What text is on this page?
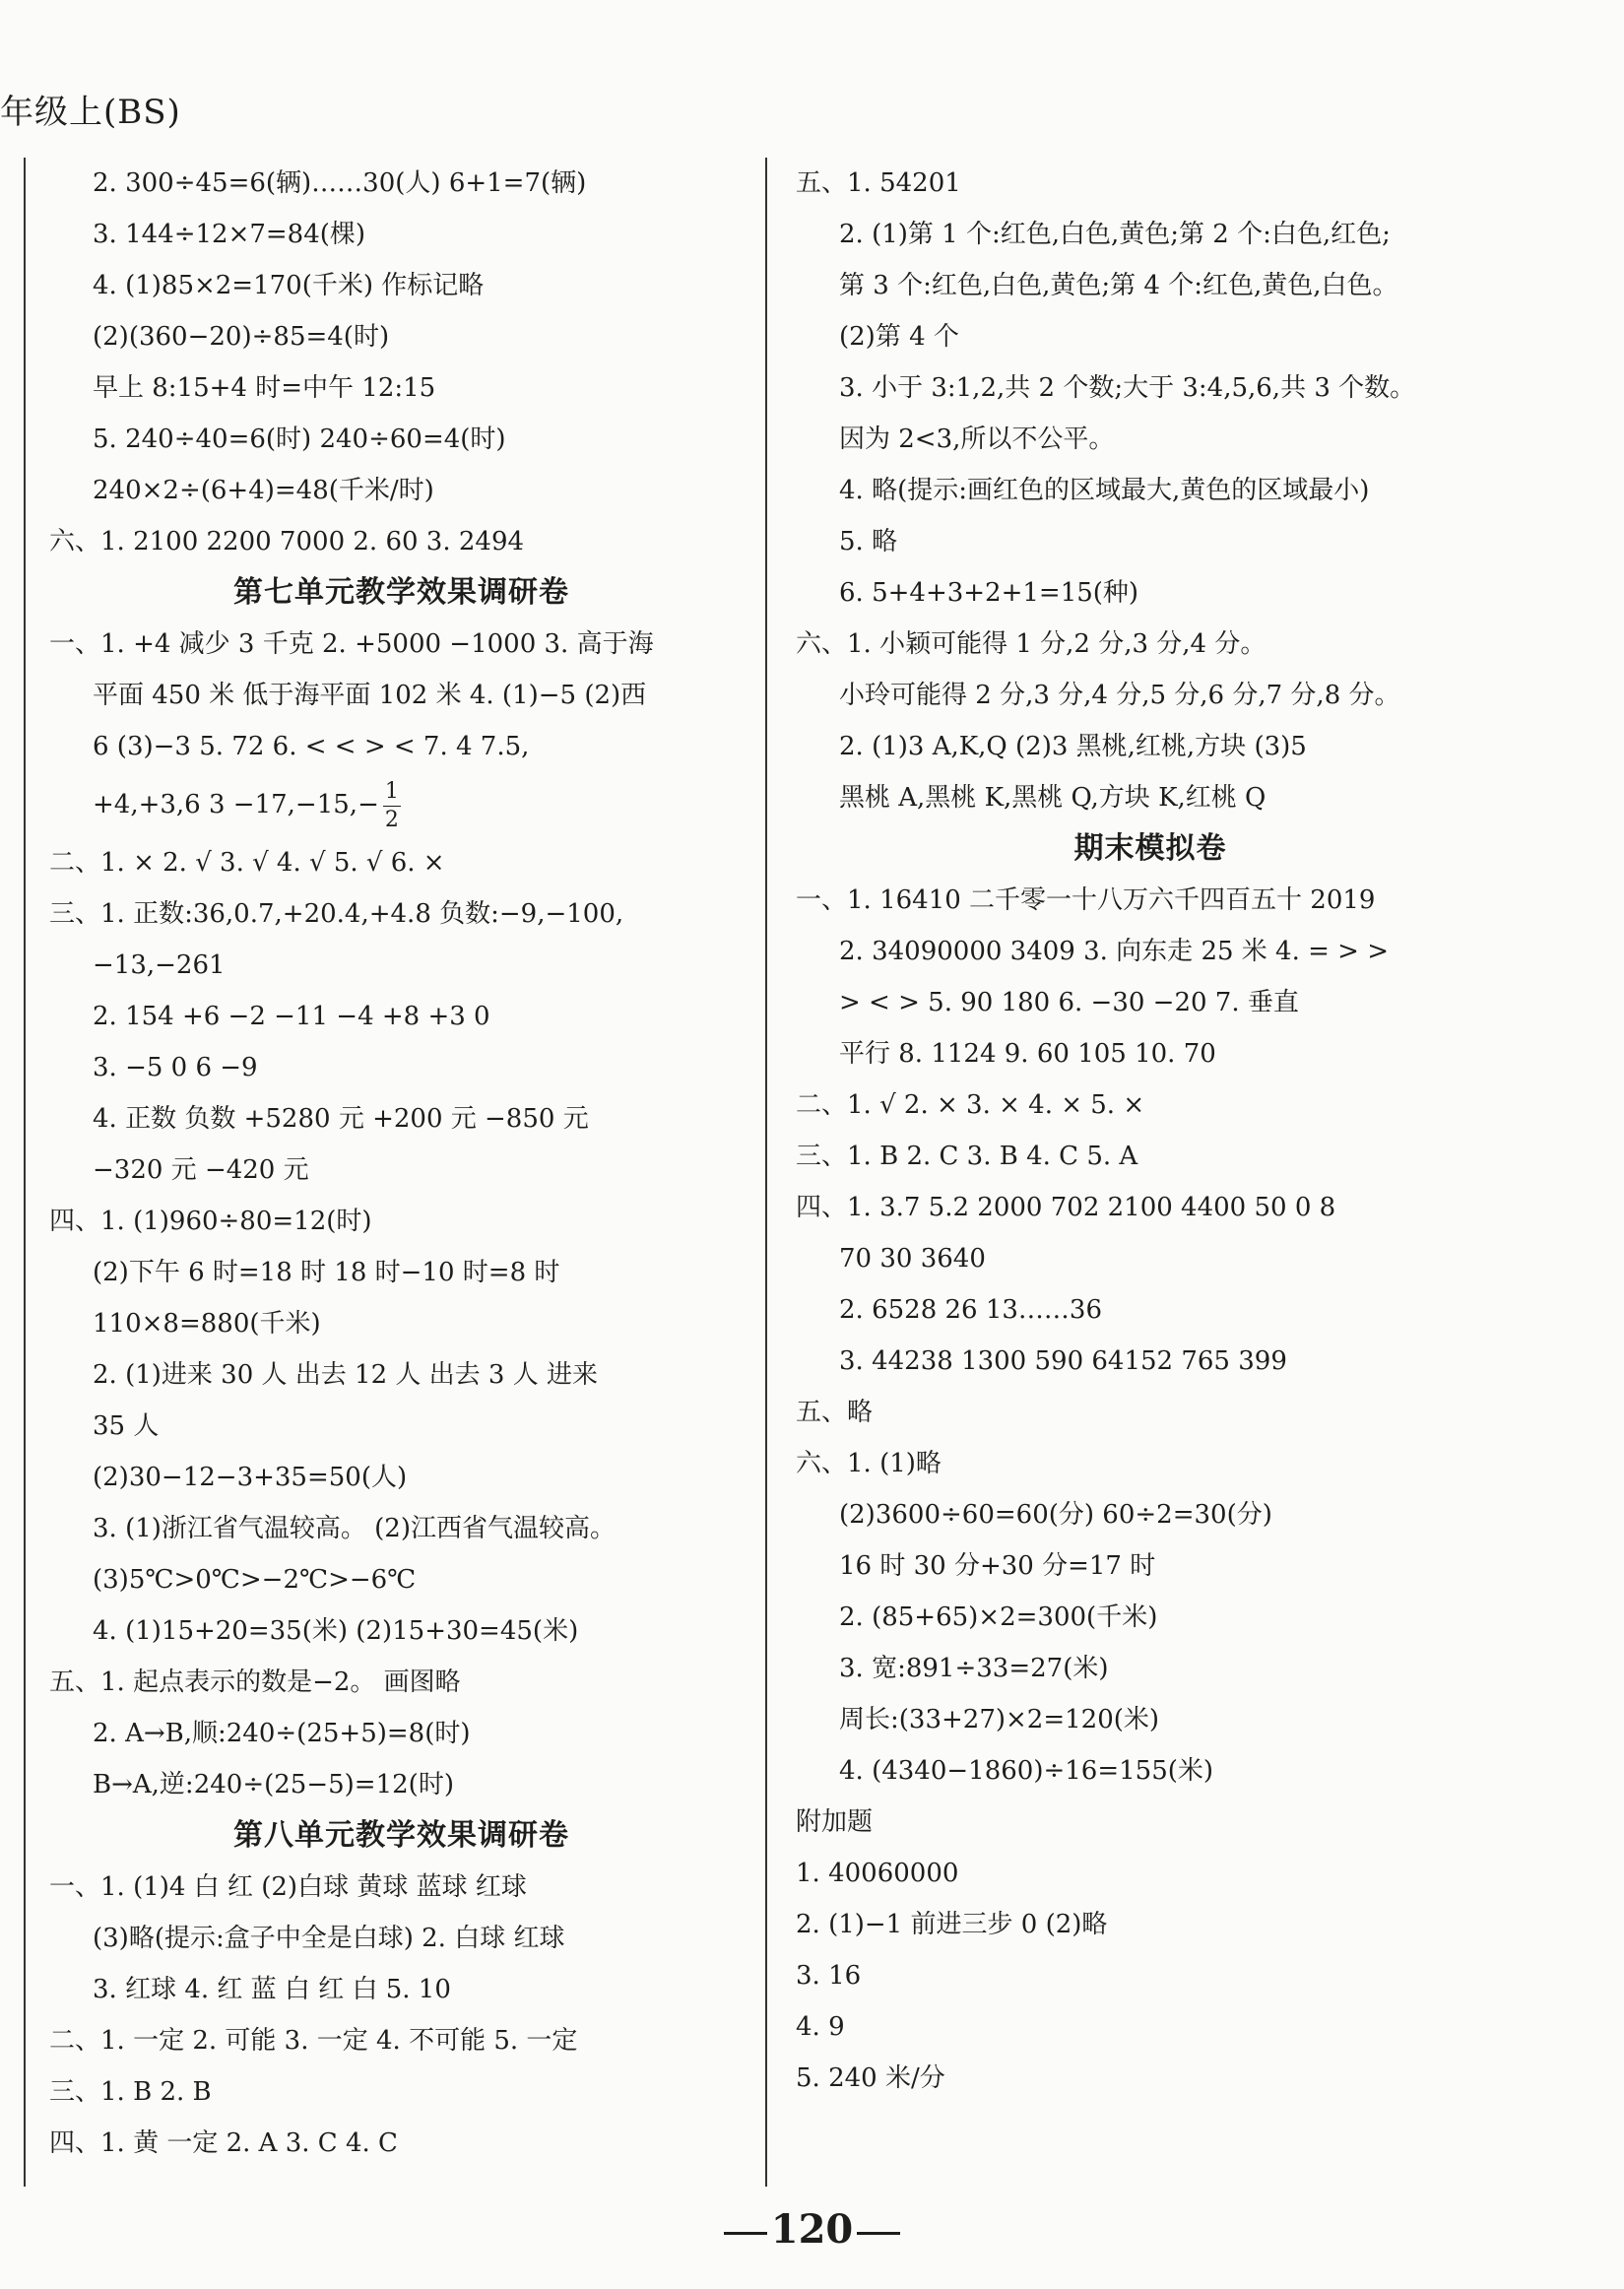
年级上(BS)
2. 300÷45=6(辆)……30(人) 6+1=7(辆)
3. 144÷12×7=84(棵)
4. (1)85×2=170(千米) 作标记略
(2)(360−20)÷85=4(时)
早上 8:15+4 时=中午 12:15
5. 240÷40=6(时) 240÷60=4(时)
240×2÷(6+4)=48(千米/时)
六、1. 2100 2200 7000 2. 60 3. 2494
第七单元教学效果调研卷
一、1. +4 减少 3 千克 2. +5000 −1000 3. 高于海
平面 450 米 低于海平面 102 米 4. (1)−5 (2)西
6 (3)−3 5. 72 6. < < > < 7. 4 7.5,
+4,+3,6 $3 -17,-15,- \frac{1}{2}$
二、1. × 2. √ 3. √ 4. √ 5. √ 6. ×
三、1. 正数:36,0.7,+20.4,+4.8 负数:−9,−100,
−13,−261
2. 154 +6 −2 −11 −4 +8 +3 0
3. −5 0 6 −9
4. 正数 负数 +5280 元 +200 元 −850 元
−320 元 −420 元
四、1. (1)960÷80=12(时)
(2)下午 6 时=18 时 18 时−10 时=8 时
110×8=880(千米)
2. (1)进来 30 人 出去 12 人 出去 3 人 进来
35 人
(2)30−12−3+35=50(人)
3. (1)浙江省气温较高。 (2)江西省气温较高。
(3)5℃>0℃>−2℃>−6℃
4. (1)15+20=35(米) (2)15+30=45(米)
五、1. 起点表示的数是−2。 画图略
2. A→B,顺:240÷(25+5)=8(时)
B→A,逆:240÷(25−5)=12(时)
第八单元教学效果调研卷
一、1. (1)4 白 红 (2)白球 黄球 蓝球 红球
(3)略(提示:盒子中全是白球) 2. 白球 红球
3. 红球 4. 红 蓝 白 红 白 5. 10
二、1. 一定 2. 可能 3. 一定 4. 不可能 5. 一定
三、1. B 2. B
四、1. 黄 一定 2. A 3. C 4. C
五、1. 54201
2. (1)第 1 个:红色,白色,黄色;第 2 个:白色,红色;
第 3 个:红色,白色,黄色;第 4 个:红色,黄色,白色。
(2)第 4 个
3. 小于 3:1,2,共 2 个数;大于 3:4,5,6,共 3 个数。
因为 2<3,所以不公平。
4. 略(提示:画红色的区域最大,黄色的区域最小)
5. 略
6. 5+4+3+2+1=15(种)
六、1. 小颖可能得 1 分,2 分,3 分,4 分。
小玲可能得 2 分,3 分,4 分,5 分,6 分,7 分,8 分。
2. (1)3 A,K,Q (2)3 黑桃,红桃,方块 (3)5
黑桃 A,黑桃 K,黑桃 Q,方块 K,红桃 Q
期末模拟卷
一、1. 16410 二千零一十八万六千四百五十 2019
2. 34090000 3409 3. 向东走 25 米 4. = > >
> < > 5. 90 180 6. −30 −20 7. 垂直
平行 8. 1124 9. 60 105 10. 70
二、1. √ 2. × 3. × 4. × 5. ×
三、1. B 2. C 3. B 4. C 5. A
四、1. 3.7 5.2 2000 702 2100 4400 50 0 8
70 30 3640
2. 6528 26 13……36
3. 44238 1300 590 64152 765 399
五、略
六、1. (1)略
(2)3600÷60=60(分) 60÷2=30(分)
16 时 30 分+30 分=17 时
2. (85+65)×2=300(千米)
3. 宽:891÷33=27(米)
周长:(33+27)×2=120(米)
4. (4340−1860)÷16=155(米)
附加题
1. 40060000
2. (1)−1 前进三步 0 (2)略
3. 16
4. 9
5. 240 米/分
120
